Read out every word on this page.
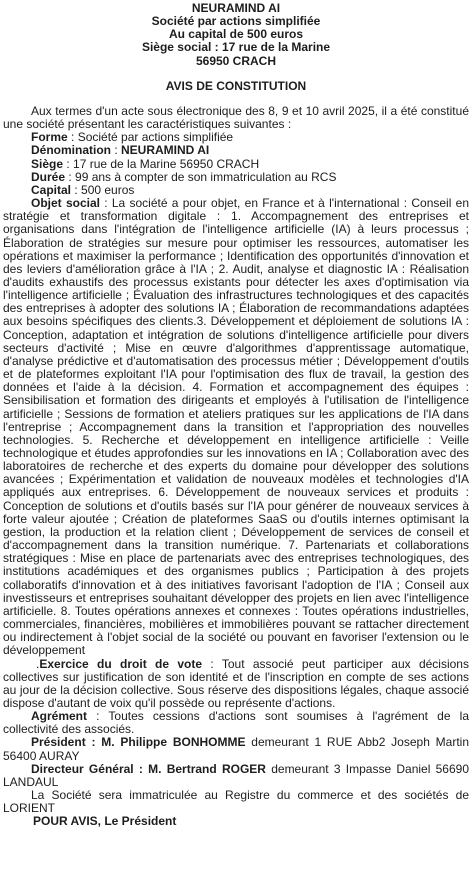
NEURAMIND AI
Société par actions simplifiée
Au capital de 500 euros
Siège social : 17 rue de la Marine
56950 CRACH
AVIS DE CONSTITUTION

Aux termes d'un acte sous électronique des 8, 9 et 10 avril 2025, il a été constitué une société présentant les caractéristiques suivantes :

Forme : Société par actions simplifiée

Dénomination : NEURAMIND AI

Siège : 17 rue de la Marine 56950 CRACH

Durée : 99 ans à compter de son immatriculation au RCS

Capital : 500 euros

Objet social : La société a pour objet, en France et à l'international : Conseil en stratégie et transformation digitale : 1. Accompagnement des entreprises et organisations dans l'intégration de l'intelligence artificielle (IA) à leurs processus ; Élaboration de stratégies sur mesure pour optimiser les ressources, automatiser les opérations et maximiser la performance ; Identification des opportunités d'innovation et des leviers d'amélioration grâce à l'IA ; 2. Audit, analyse et diagnostic IA : Réalisation d'audits exhaustifs des processus existants pour détecter les axes d'optimisation via l'intelligence artificielle ; Évaluation des infrastructures technologiques et des capacités des entreprises à adopter des solutions IA ; Élaboration de recommandations adaptées aux besoins spécifiques des clients.3. Développement et déploiement de solutions IA : Conception, adaptation et intégration de solutions d'intelligence artificielle pour divers secteurs d'activité ; Mise en œuvre d'algorithmes d'apprentissage automatique, d'analyse prédictive et d'automatisation des processus métier ; Développement d'outils et de plateformes exploitant l'IA pour l'optimisation des flux de travail, la gestion des données et l'aide à la décision. 4. Formation et accompagnement des équipes : Sensibilisation et formation des dirigeants et employés à l'utilisation de l'intelligence artificielle ; Sessions de formation et ateliers pratiques sur les applications de l'IA dans l'entreprise ; Accompagnement dans la transition et l'appropriation des nouvelles technologies. 5. Recherche et développement en intelligence artificielle : Veille technologique et études approfondies sur les innovations en IA ; Collaboration avec des laboratoires de recherche et des experts du domaine pour développer des solutions avancées ; Expérimentation et validation de nouveaux modèles et technologies d'IA appliqués aux entreprises. 6. Développement de nouveaux services et produits : Conception de solutions et d'outils basés sur l'IA pour générer de nouveaux services à forte valeur ajoutée ; Création de plateformes SaaS ou d'outils internes optimisant la gestion, la production et la relation client ; Développement de services de conseil et d'accompagnement dans la transition numérique. 7. Partenariats et collaborations stratégiques : Mise en place de partenariats avec des entreprises technologiques, des institutions académiques et des organismes publics ; Participation à des projets collaboratifs d'innovation et à des initiatives favorisant l'adoption de l'IA ; Conseil aux investisseurs et entreprises souhaitant développer des projets en lien avec l'intelligence artificielle. 8. Toutes opérations annexes et connexes : Toutes opérations industrielles, commerciales, financières, mobilières et immobilières pouvant se rattacher directement ou indirectement à l'objet social de la société ou pouvant en favoriser l'extension ou le développement

.Exercice du droit de vote : Tout associé peut participer aux décisions collectives sur justification de son identité et de l'inscription en compte de ses actions au jour de la décision collective. Sous réserve des dispositions légales, chaque associé dispose d'autant de voix qu'il possède ou représente d'actions.

Agrément : Toutes cessions d'actions sont soumises à l'agrément de la collectivité des associés.

Président : M. Philippe BONHOMME demeurant 1 RUE Abb2 Joseph Martin 56400 AURAY

Directeur Général : M. Bertrand ROGER demeurant 3 Impasse Daniel 56690 LANDAUL

La Société sera immatriculée au Registre du commerce et des sociétés de LORIENT

POUR AVIS, Le Président
